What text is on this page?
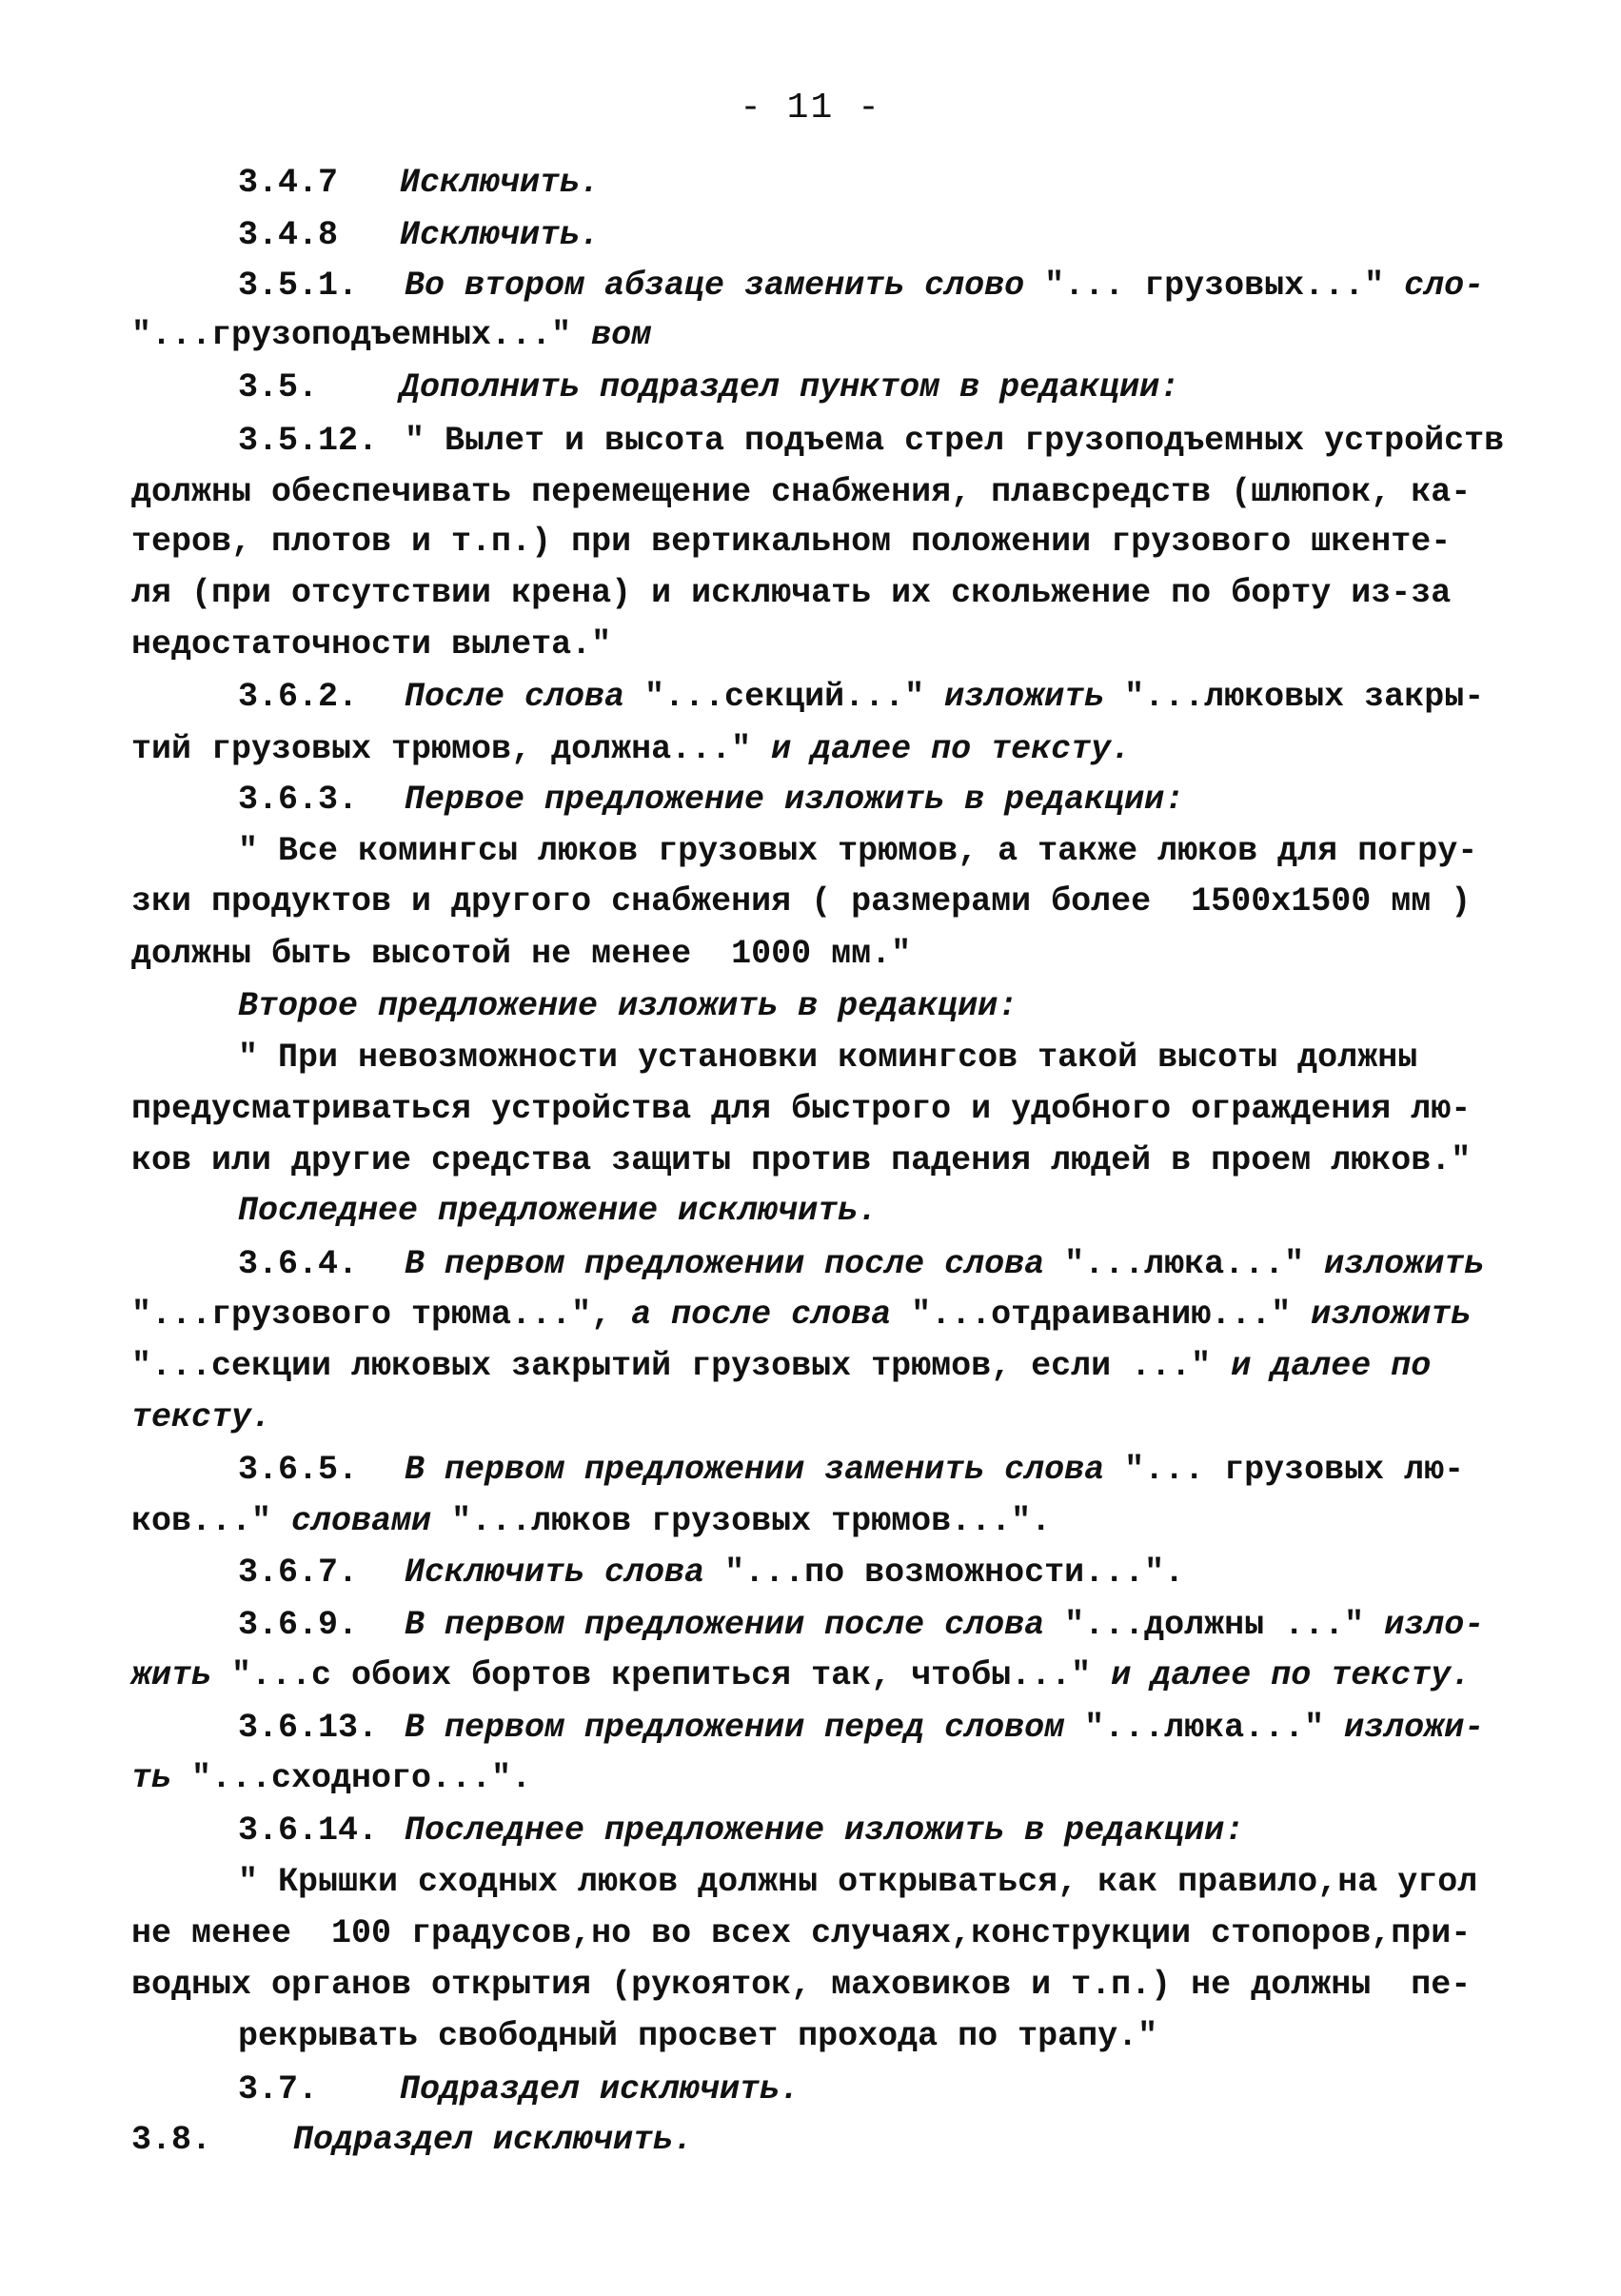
- 11 -
3.4.7 Исключить.
3.4.8 Исключить.
3.5.1. Во втором абзаце заменить слово "... грузовых..." сло-
"...грузоподъемных..." вом
3.5. Дополнить подраздел пунктом в редакции:
3.5.12. " Вылет и высота подъема стрел грузоподъемных устройств
должны обеспечивать перемещение снабжения, плавсредств (шлюпок, ка-
теров, плотов и т.п.) при вертикальном положении грузового шкенте-
ля (при отсутствии крена) и исключать их скольжение по борту из-за
недостаточности вылета."
3.6.2. После слова "...секций..." изложить "...люковых закры-
тий грузовых трюмов, должна..." и далее по тексту.
3.6.3. Первое предложение изложить в редакции:
" Все комингсы люков грузовых трюмов, а также люков для погру-
зки продуктов и другого снабжения ( размерами более  1500x1500 мм )
должны быть высотой не менее  1000 мм."
Второе предложение изложить в редакции:
" При невозможности установки комингсов такой высоты должны
предусматриваться устройства для быстрого и удобного ограждения лю-
ков или другие средства защиты против падения людей в проем люков."
Последнее предложение исключить.
3.6.4. В первом предложении после слова "...люка..." изложить
"...грузового трюма...", а после слова "...отдраиванию..." изложить
"...секции люковых закрытий грузовых трюмов, если ..." и далее по
тексту.
3.6.5. В первом предложении заменить слова "... грузовых лю-
ков..." словами "...люков грузовых трюмов...".
3.6.7. Исключить слова "...по возможности...".
3.6.9. В первом предложении после слова "...должны ..." изло-
жить "...с обоих бортов крепиться так, чтобы..." и далее по тексту.
3.6.13. В первом предложении перед словом "...люка..." изложи-
ть "...сходного...".
3.6.14. Последнее предложение изложить в редакции:
" Крышки сходных люков должны открываться, как правило,на угол
не менее  100 градусов,но во всех случаях,конструкции стопоров,при-
водных органов открытия (рукояток, маховиков и т.п.) не должны  пе-
рекрывать свободный просвет прохода по трапу."
3.7. Подраздел исключить.
3.8. Подраздел исключить.
